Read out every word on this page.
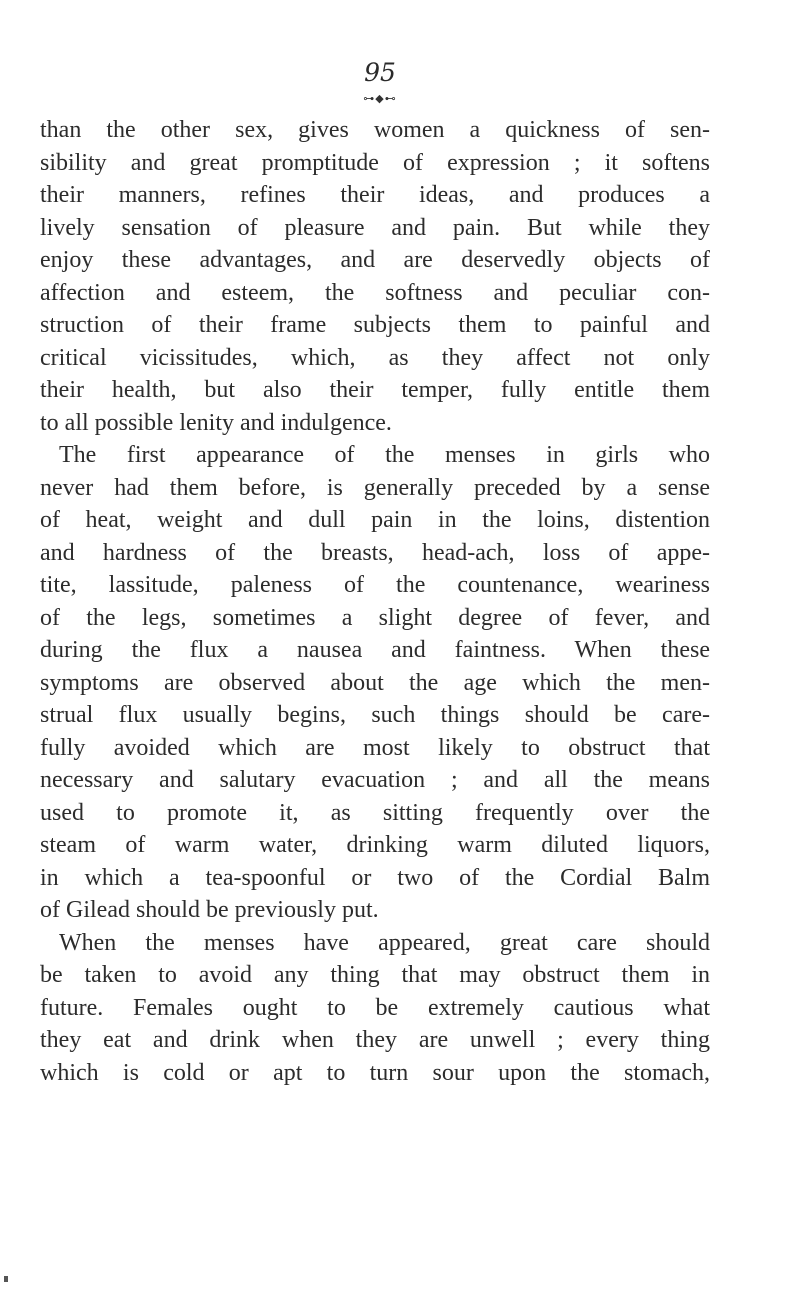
95
⊶◆⊷
than the other sex, gives women a quickness of sen-
sibility and great promptitude of expression ; it softens
their manners, refines their ideas, and produces a
lively sensation of pleasure and pain. But while they
enjoy these advantages, and are deservedly objects of
affection and esteem, the softness and peculiar con-
struction of their frame subjects them to painful and
critical vicissitudes, which, as they affect not only
their health, but also their temper, fully entitle them
to all possible lenity and indulgence.
The first appearance of the menses in girls who
never had them before, is generally preceded by a sense
of heat, weight and dull pain in the loins, distention
and hardness of the breasts, head-ach, loss of appe-
tite, lassitude, paleness of the countenance, weariness
of the legs, sometimes a slight degree of fever, and
during the flux a nausea and faintness. When these
symptoms are observed about the age which the men-
strual flux usually begins, such things should be care-
fully avoided which are most likely to obstruct that
necessary and salutary evacuation ; and all the means
used to promote it, as sitting frequently over the
steam of warm water, drinking warm diluted liquors,
in which a tea-spoonful or two of the Cordial Balm
of Gilead should be previously put.
When the menses have appeared, great care should
be taken to avoid any thing that may obstruct them in
future. Females ought to be extremely cautious what
they eat and drink when they are unwell ; every thing
which is cold or apt to turn sour upon the stomach,
